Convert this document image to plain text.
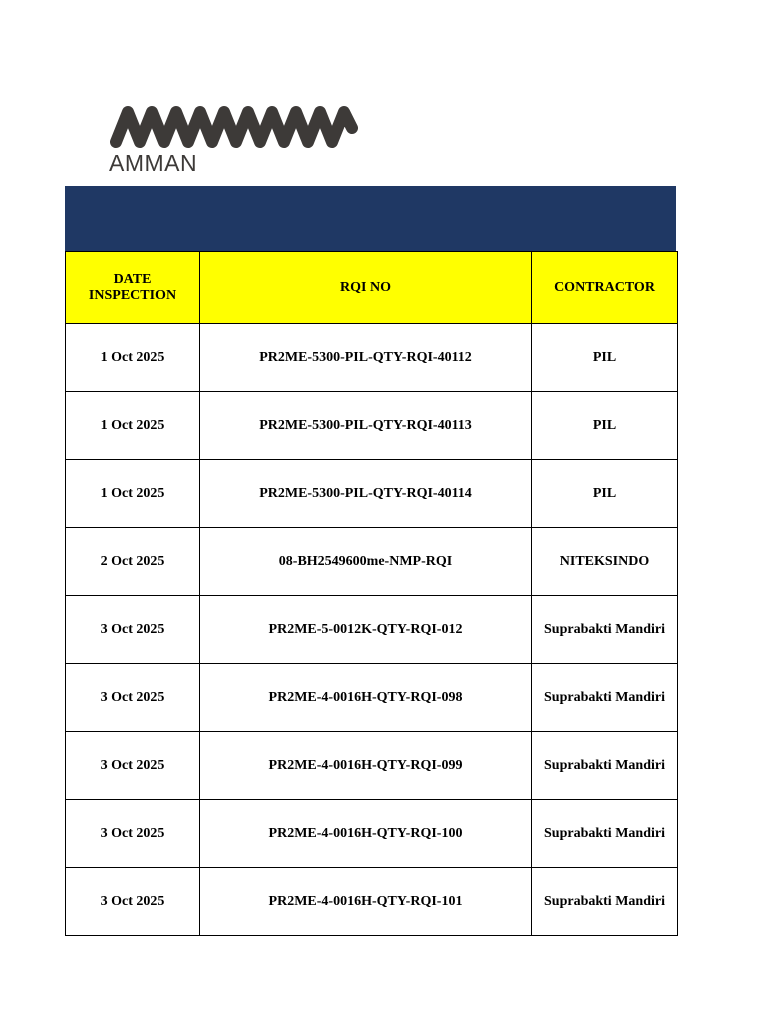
AMMAN
DATE INSPECTION	RQI NO	CONTRACTOR
1 Oct 2025	PR2ME-5300-PIL-QTY-RQI-40112	PIL
1 Oct 2025	PR2ME-5300-PIL-QTY-RQI-40113	PIL
1 Oct 2025	PR2ME-5300-PIL-QTY-RQI-40114	PIL
2 Oct 2025	08-BH2549600me-NMP-RQI	NITEKSINDO
3 Oct 2025	PR2ME-5-0012K-QTY-RQI-012	Suprabakti Mandiri
3 Oct 2025	PR2ME-4-0016H-QTY-RQI-098	Suprabakti Mandiri
3 Oct 2025	PR2ME-4-0016H-QTY-RQI-099	Suprabakti Mandiri
3 Oct 2025	PR2ME-4-0016H-QTY-RQI-100	Suprabakti Mandiri
3 Oct 2025	PR2ME-4-0016H-QTY-RQI-101	Suprabakti Mandiri
